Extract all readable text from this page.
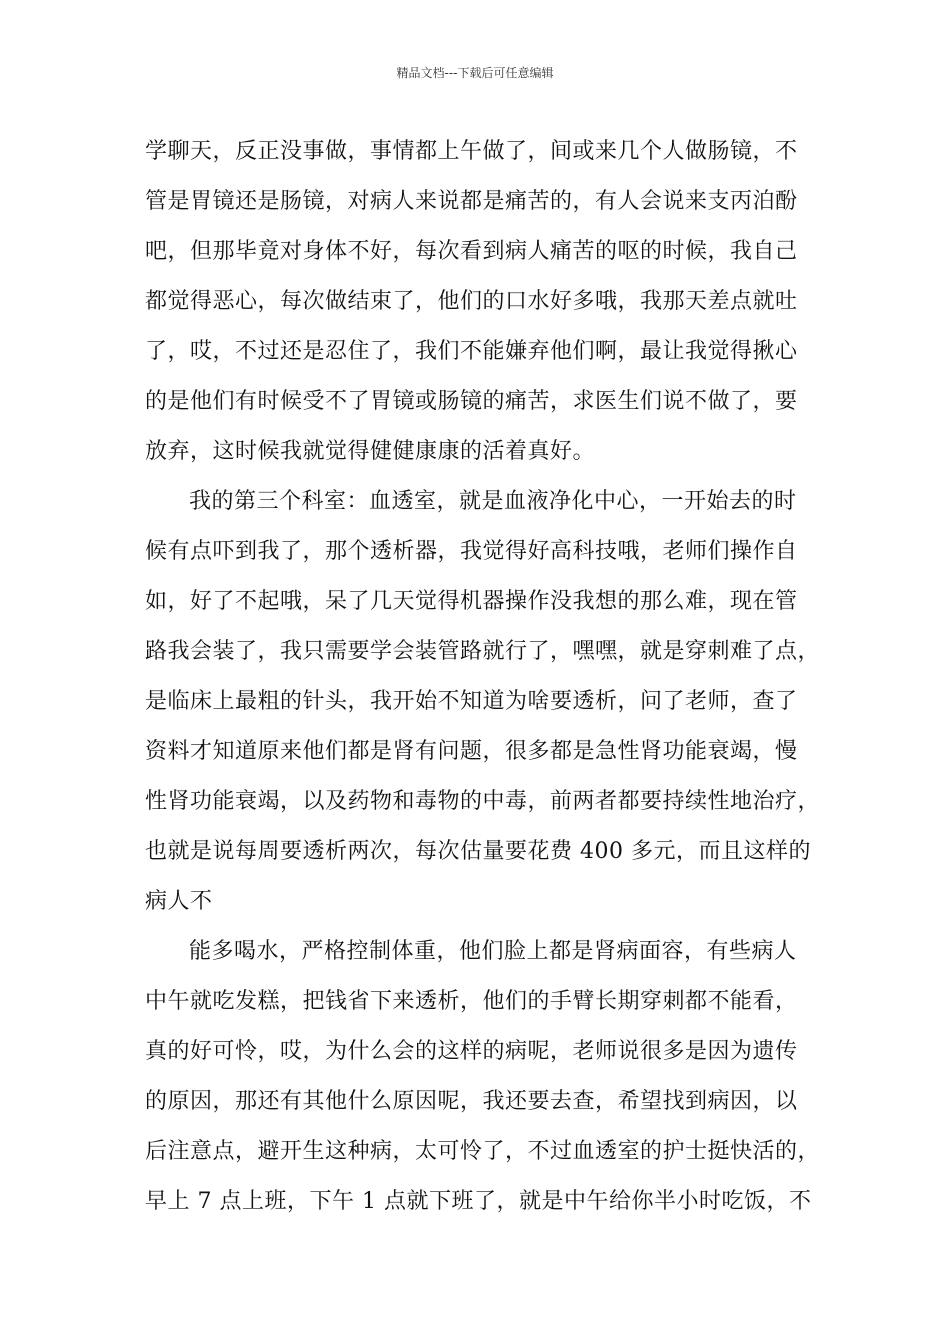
精品文档---下载后可任意编辑
学聊天，反正没事做，事情都上午做了，间或来几个人做肠镜，不
管是胃镜还是肠镜，对病人来说都是痛苦的，有人会说来支丙泊酚
吧，但那毕竟对身体不好，每次看到病人痛苦的呕的时候，我自己
都觉得恶心，每次做结束了，他们的口水好多哦，我那天差点就吐
了，哎，不过还是忍住了，我们不能嫌弃他们啊，最让我觉得揪心
的是他们有时候受不了胃镜或肠镜的痛苦，求医生们说不做了，要
放弃，这时候我就觉得健健康康的活着真好。
我的第三个科室：血透室，就是血液净化中心，一开始去的时
候有点吓到我了，那个透析器，我觉得好高科技哦，老师们操作自
如，好了不起哦，呆了几天觉得机器操作没我想的那么难，现在管
路我会装了，我只需要学会装管路就行了，嘿嘿，就是穿刺难了点，
是临床上最粗的针头，我开始不知道为啥要透析，问了老师，查了
资料才知道原来他们都是肾有问题，很多都是急性肾功能衰竭，慢
性肾功能衰竭，以及药物和毒物的中毒，前两者都要持续性地治疗，
也就是说每周要透析两次，每次估量要花费 400 多元，而且这样的
病人不
能多喝水，严格控制体重，他们脸上都是肾病面容，有些病人
中午就吃发糕，把钱省下来透析，他们的手臂长期穿刺都不能看，
真的好可怜，哎，为什么会的这样的病呢，老师说很多是因为遗传
的原因，那还有其他什么原因呢，我还要去查，希望找到病因，以
后注意点，避开生这种病，太可怜了，不过血透室的护士挺快活的，
早上 7 点上班，下午 1 点就下班了，就是中午给你半小时吃饭，不
